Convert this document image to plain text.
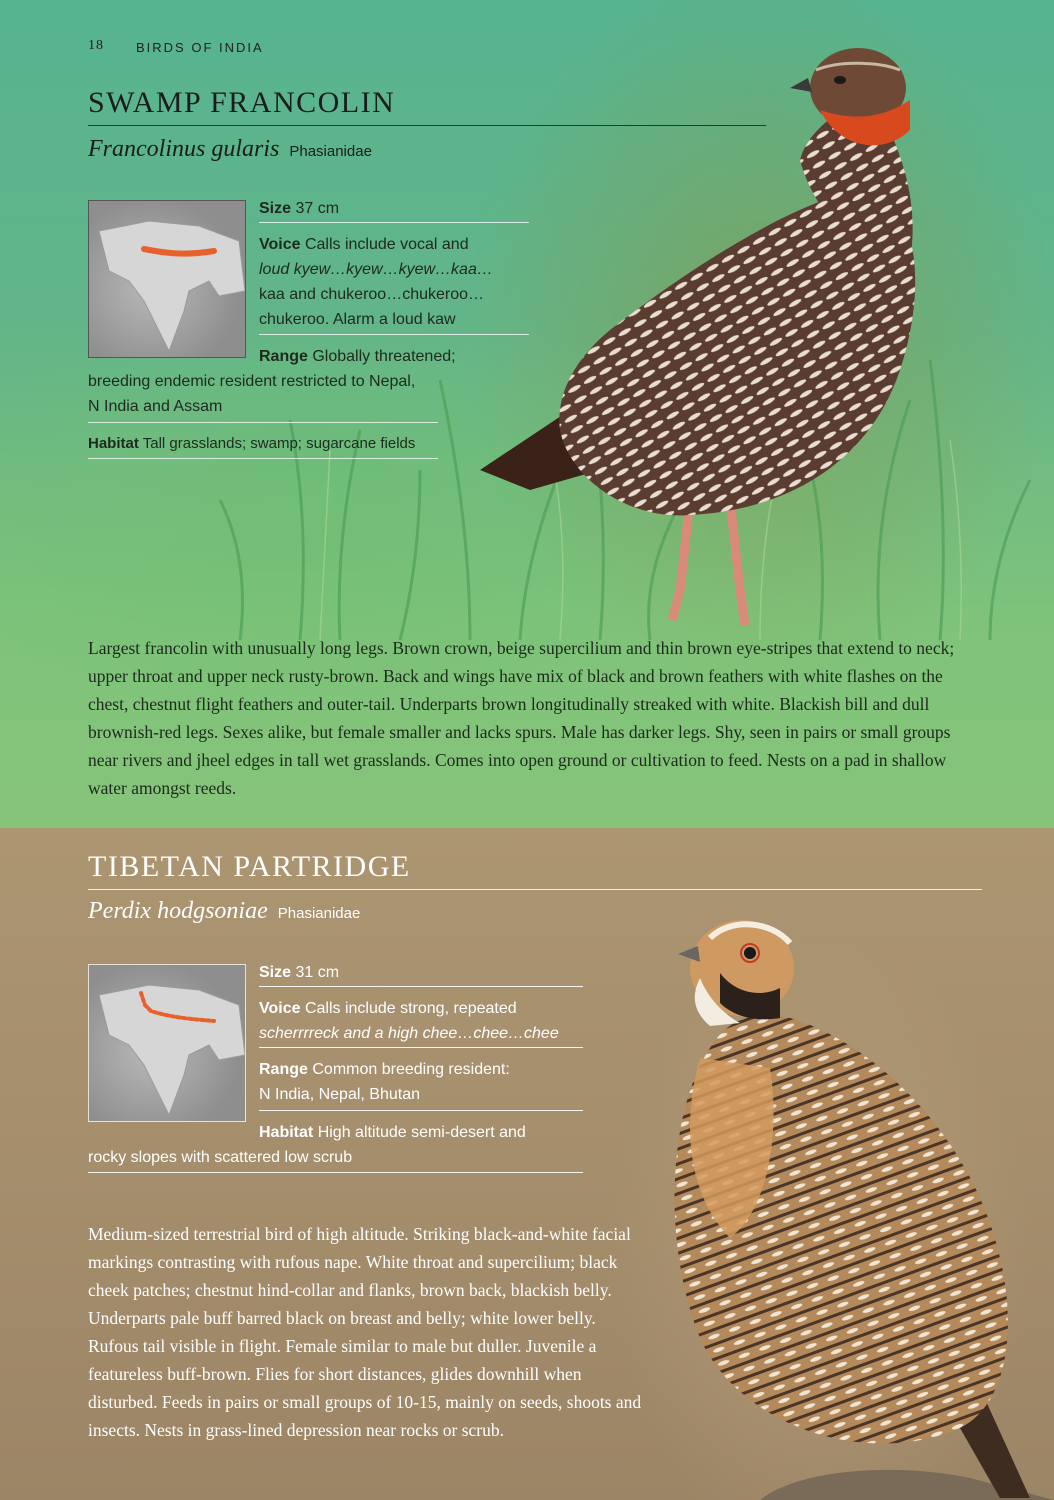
18 BIRDS OF INDIA
SWAMP FRANCOLIN
Francolinus gularis Phasianidae
Size 37 cm
Voice Calls include vocal and
loud kyew…kyew…kyew…kaa…
kaa and chukeroo…chukeroo…
chukeroo. Alarm a loud kaw
Range Globally threatened;
breeding endemic resident restricted to Nepal,
N India and Assam
Habitat Tall grasslands; swamp; sugarcane fields

Largest francolin with unusually long legs. Brown crown, beige supercilium and thin brown eye-stripes that extend to neck; upper throat and upper neck rusty-brown. Back and wings have mix of black and brown feathers with white flashes on the chest, chestnut flight feathers and outer-tail. Underparts brown longitudinally streaked with white. Blackish bill and dull brownish-red legs. Sexes alike, but female smaller and lacks spurs. Male has darker legs. Shy, seen in pairs or small groups near rivers and jheel edges in tall wet grasslands. Comes into open ground or cultivation to feed. Nests on a pad in shallow water amongst reeds.

TIBETAN PARTRIDGE
Perdix hodgsoniae Phasianidae
Size 31 cm
Voice Calls include strong, repeated
scherrrreck and a high chee…chee…chee
Range Common breeding resident:
N India, Nepal, Bhutan
Habitat High altitude semi-desert and
rocky slopes with scattered low scrub

Medium-sized terrestrial bird of high altitude. Striking black-and-white facial markings contrasting with rufous nape. White throat and supercilium; black cheek patches; chestnut hind-collar and flanks, brown back, blackish belly. Underparts pale buff barred black on breast and belly; white lower belly. Rufous tail visible in flight. Female similar to male but duller. Juvenile a featureless buff-brown. Flies for short distances, glides downhill when disturbed. Feeds in pairs or small groups of 10-15, mainly on seeds, shoots and insects. Nests in grass-lined depression near rocks or scrub.
